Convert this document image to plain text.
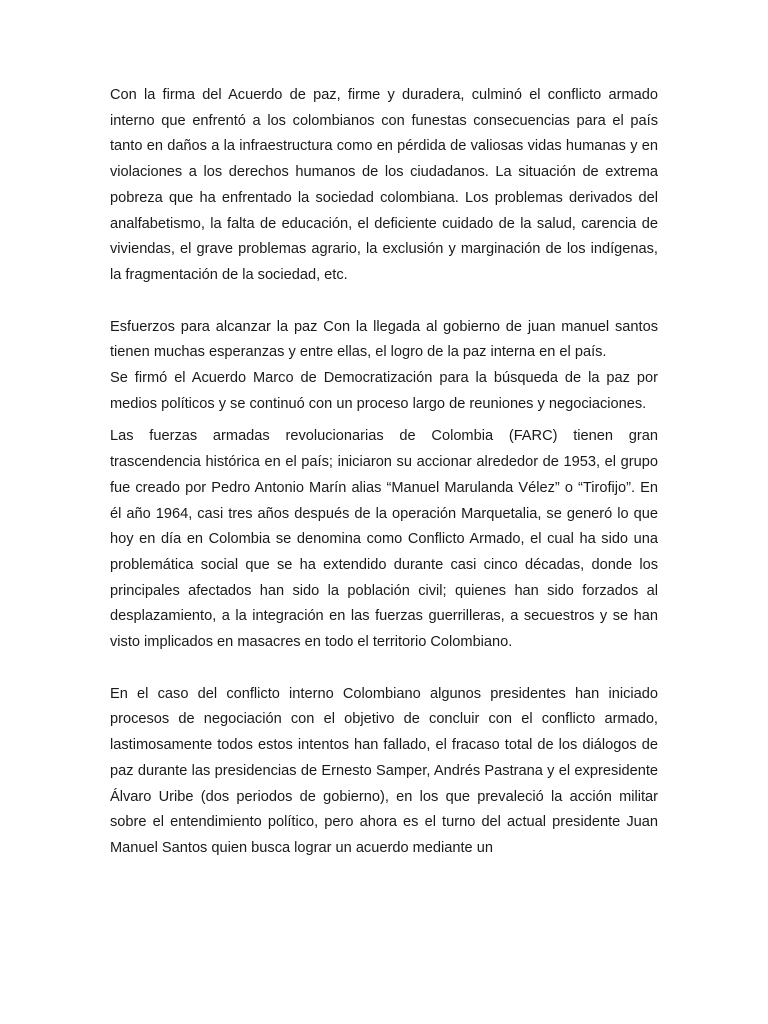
Con la firma del Acuerdo de paz, firme y duradera, culminó el conflicto armado interno que enfrentó a los colombianos con funestas consecuencias para el país tanto en daños a la infraestructura como en pérdida de valiosas vidas humanas y en violaciones a los derechos humanos de los ciudadanos. La situación de extrema pobreza que ha enfrentado la sociedad colombiana. Los problemas derivados del analfabetismo, la falta de educación, el deficiente cuidado de la salud, carencia de viviendas, el grave problemas agrario, la exclusión y marginación de los indígenas, la fragmentación de la sociedad, etc.

Esfuerzos para alcanzar la paz Con la llegada al gobierno de juan manuel santos tienen muchas esperanzas y entre ellas, el logro de la paz interna en el país.

Se firmó el Acuerdo Marco de Democratización para la búsqueda de la paz por medios políticos y se continuó con un proceso largo de reuniones y negociaciones.

Las fuerzas armadas revolucionarias de Colombia (FARC) tienen gran trascendencia histórica en el país; iniciaron su accionar alrededor de 1953, el grupo fue creado por Pedro Antonio Marín alias “Manuel Marulanda Vélez” o “Tirofijo”. En él año 1964, casi tres años después de la operación Marquetalia, se generó lo que hoy en día en Colombia se denomina como Conflicto Armado, el cual ha sido una problemática social que se ha extendido durante casi cinco décadas, donde los principales afectados han sido la población civil; quienes han sido forzados al desplazamiento, a la integración en las fuerzas guerrilleras, a secuestros y se han visto implicados en masacres en todo el territorio Colombiano.

En el caso del conflicto interno Colombiano algunos presidentes han iniciado procesos de negociación con el objetivo de concluir con el conflicto armado, lastimosamente todos estos intentos han fallado, el fracaso total de los diálogos de paz durante las presidencias de Ernesto Samper, Andrés Pastrana y el expresidente Álvaro Uribe (dos periodos de gobierno), en los que prevaleció la acción militar sobre el entendimiento político, pero ahora es el turno del actual presidente Juan Manuel Santos quien busca lograr un acuerdo mediante un
